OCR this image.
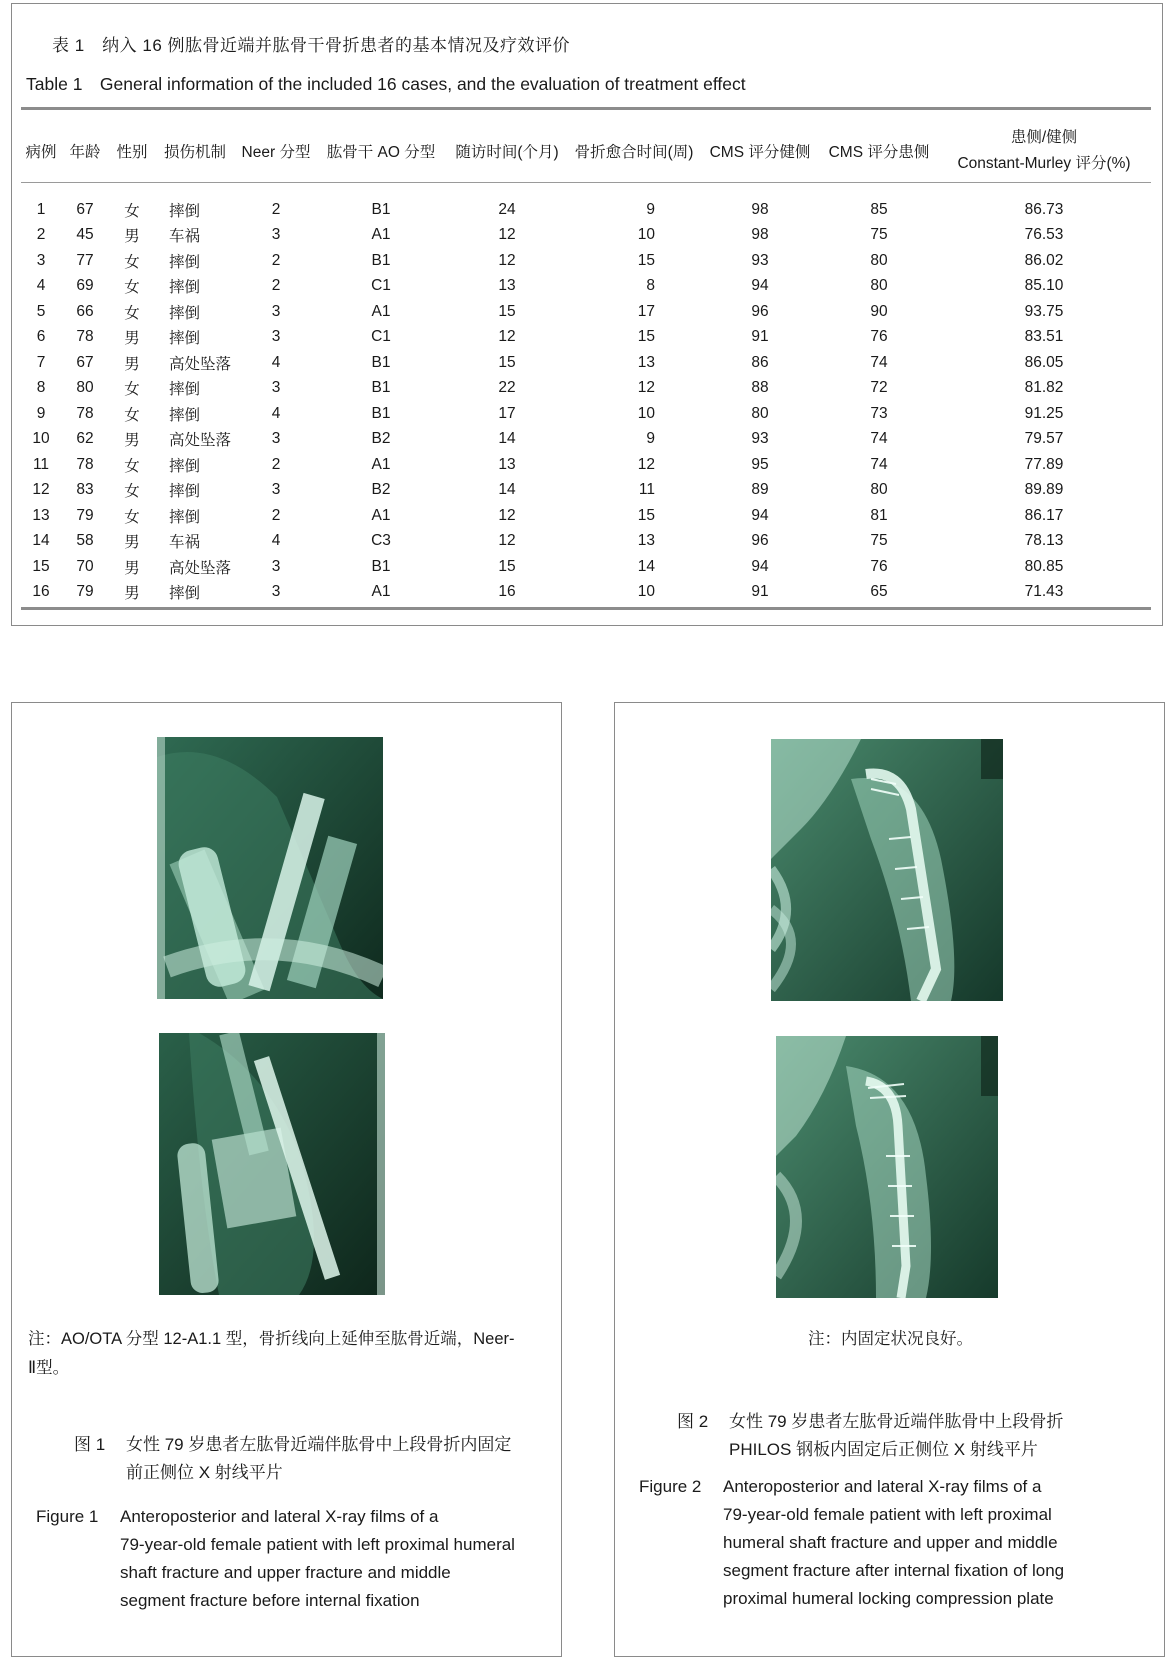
表 1　纳入 16 例肱骨近端并肱骨干骨折患者的基本情况及疗效评价
Table 1　General information of the included 16 cases, and the evaluation of treatment effect
病例	年龄	性别	损伤机制	Neer 分型	肱骨干 AO 分型	随访时间(个月)	骨折愈合时间(周)	CMS 评分健侧	CMS 评分患侧	患侧/健侧
Constant-Murley 评分(%)

1	67	女	摔倒	2	B1	24	9	98	85	86.73
2	45	男	车祸	3	A1	12	10	98	75	76.53
3	77	女	摔倒	2	B1	12	15	93	80	86.02
4	69	女	摔倒	2	C1	13	8	94	80	85.10
5	66	女	摔倒	3	A1	15	17	96	90	93.75
6	78	男	摔倒	3	C1	12	15	91	76	83.51
7	67	男	高处坠落	4	B1	15	13	86	74	86.05
8	80	女	摔倒	3	B1	22	12	88	72	81.82
9	78	女	摔倒	4	B1	17	10	80	73	91.25
10	62	男	高处坠落	3	B2	14	9	93	74	79.57
11	78	女	摔倒	2	A1	13	12	95	74	77.89
12	83	女	摔倒	3	B2	14	11	89	80	89.89
13	79	女	摔倒	2	A1	12	15	94	81	86.17
14	58	男	车祸	4	C3	12	13	96	75	78.13
15	70	男	高处坠落	3	B1	15	14	94	76	80.85
16	79	男	摔倒	3	A1	16	10	91	65	71.43
注：AO/OTA 分型 12-A1.1 型，骨折线向上延伸至肱骨近端，Neer-
Ⅱ型。
图 1 女性 79 岁患者左肱骨近端伴肱骨中上段骨折内固定
前正侧位 X 射线平片
Figure 1 Anteroposterior and lateral X-ray films of a
79-year-old female patient with left proximal humeral
shaft fracture and upper fracture and middle
segment fracture before internal fixation
注：内固定状况良好。
图 2 女性 79 岁患者左肱骨近端伴肱骨中上段骨折
PHILOS 钢板内固定后正侧位 X 射线平片
Figure 2 Anteroposterior and lateral X-ray films of a
79-year-old female patient with left proximal
humeral shaft fracture and upper and middle
segment fracture after internal fixation of long
proximal humeral locking compression plate
